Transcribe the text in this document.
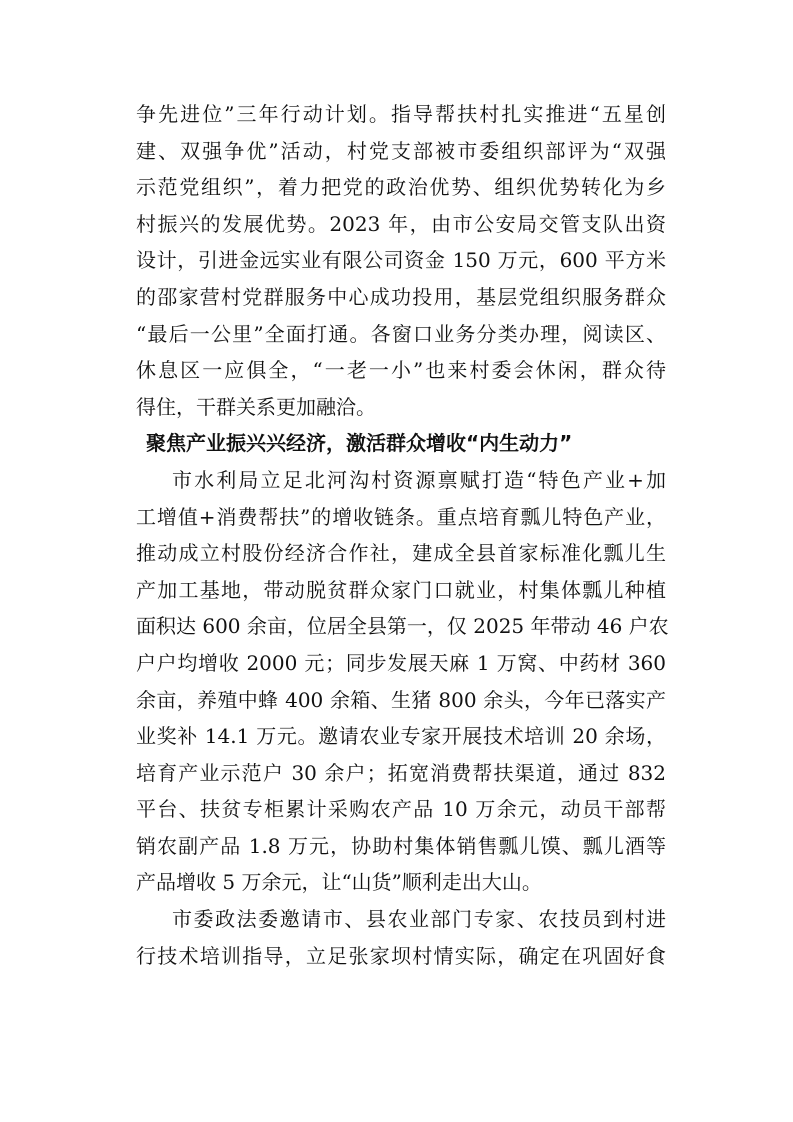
争先进位”三年行动计划。指导帮扶村扎实推进“五星创
建、双强争优”活动，村党支部被市委组织部评为“双强
示范党组织”，着力把党的政治优势、组织优势转化为乡
村振兴的发展优势。2023 年，由市公安局交管支队出资
设计，引进金远实业有限公司资金 150 万元，600 平方米
的邵家营村党群服务中心成功投用，基层党组织服务群众
“最后一公里”全面打通。各窗口业务分类办理，阅读区、
休息区一应俱全，“一老一小”也来村委会休闲，群众待
得住，干群关系更加融洽。
聚焦产业振兴兴经济，激活群众增收“内生动力”
市水利局立足北河沟村资源禀赋打造“特色产业+加
工增值+消费帮扶”的增收链条。重点培育瓢儿特色产业，
推动成立村股份经济合作社，建成全县首家标准化瓢儿生
产加工基地，带动脱贫群众家门口就业，村集体瓢儿种植
面积达 600 余亩，位居全县第一，仅 2025 年带动 46 户农
户户均增收 2000 元；同步发展天麻 1 万窝、中药材 360
余亩，养殖中蜂 400 余箱、生猪 800 余头，今年已落实产
业奖补 14.1 万元。邀请农业专家开展技术培训 20 余场，
培育产业示范户 30 余户；拓宽消费帮扶渠道，通过 832
平台、扶贫专柜累计采购农产品 10 万余元，动员干部帮
销农副产品 1.8 万元，协助村集体销售瓢儿馍、瓢儿酒等
产品增收 5 万余元，让“山货”顺利走出大山。
市委政法委邀请市、县农业部门专家、农技员到村进
行技术培训指导，立足张家坝村情实际，确定在巩固好食
